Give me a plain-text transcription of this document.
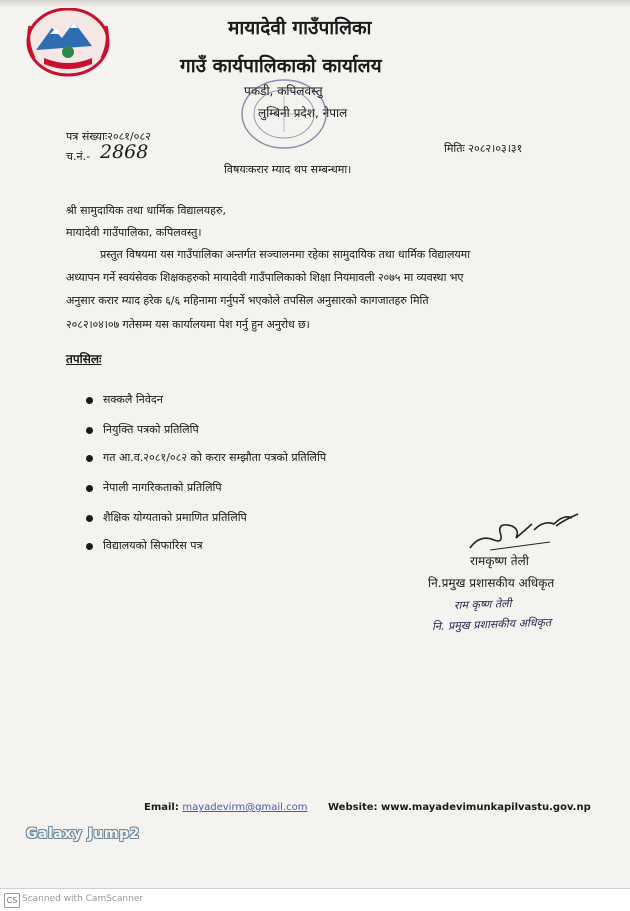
मायादेवी गाउँपालिका
गाउँ कार्यपालिकाको कार्यालय
पकडी, कपिलवस्तु
लुम्बिनी प्रदेश, नेपाल
पत्र संख्याः२०८१/०८२
च.नं.- 2868	मितिः २०८२।०३।३१
विषयःकरार म्याद थप सम्बन्धमा।
श्री सामुदायिक तथा धार्मिक विद्यालयहरु,
मायादेवी गाउँपालिका, कपिलवस्तु।
प्रस्तुत विषयमा यस गाउँपालिका अन्तर्गत सञ्चालनमा रहेका सामुदायिक तथा धार्मिक विद्यालयमा
अध्यापन गर्ने स्वयंसेवक शिक्षकहरुको मायादेवी गाउँपालिकाको शिक्षा नियमावली २०७५ मा व्यवस्था भए
अनुसार करार म्याद हरेक ६/६ महिनामा गर्नुपर्ने भएकोले तपसिल अनुसारको कागजातहरु मिति
२०८२।०४।०७ गतेसम्म यस कार्यालयमा पेश गर्नु हुन अनुरोध छ।
तपसिलः
सक्कलै निवेदन
नियुक्ति पत्रको प्रतिलिपि
गत आ.व.२०८१/०८२ को करार सम्झौता पत्रको प्रतिलिपि
नेपाली नागरिकताको प्रतिलिपि
शैक्षिक योग्यताको प्रमाणित प्रतिलिपि
विद्यालयको सिफारिस पत्र
रामकृष्ण तेली
नि.प्रमुख प्रशासकीय अधिकृत
राम कृष्ण तेली
नि. प्रमुख प्रशासकीय अधिकृत
Email: mayadevirm@gmail.com Website: www.mayadevimunkapilvastu.gov.np
Galaxy Jump2
CS Scanned with CamScanner
